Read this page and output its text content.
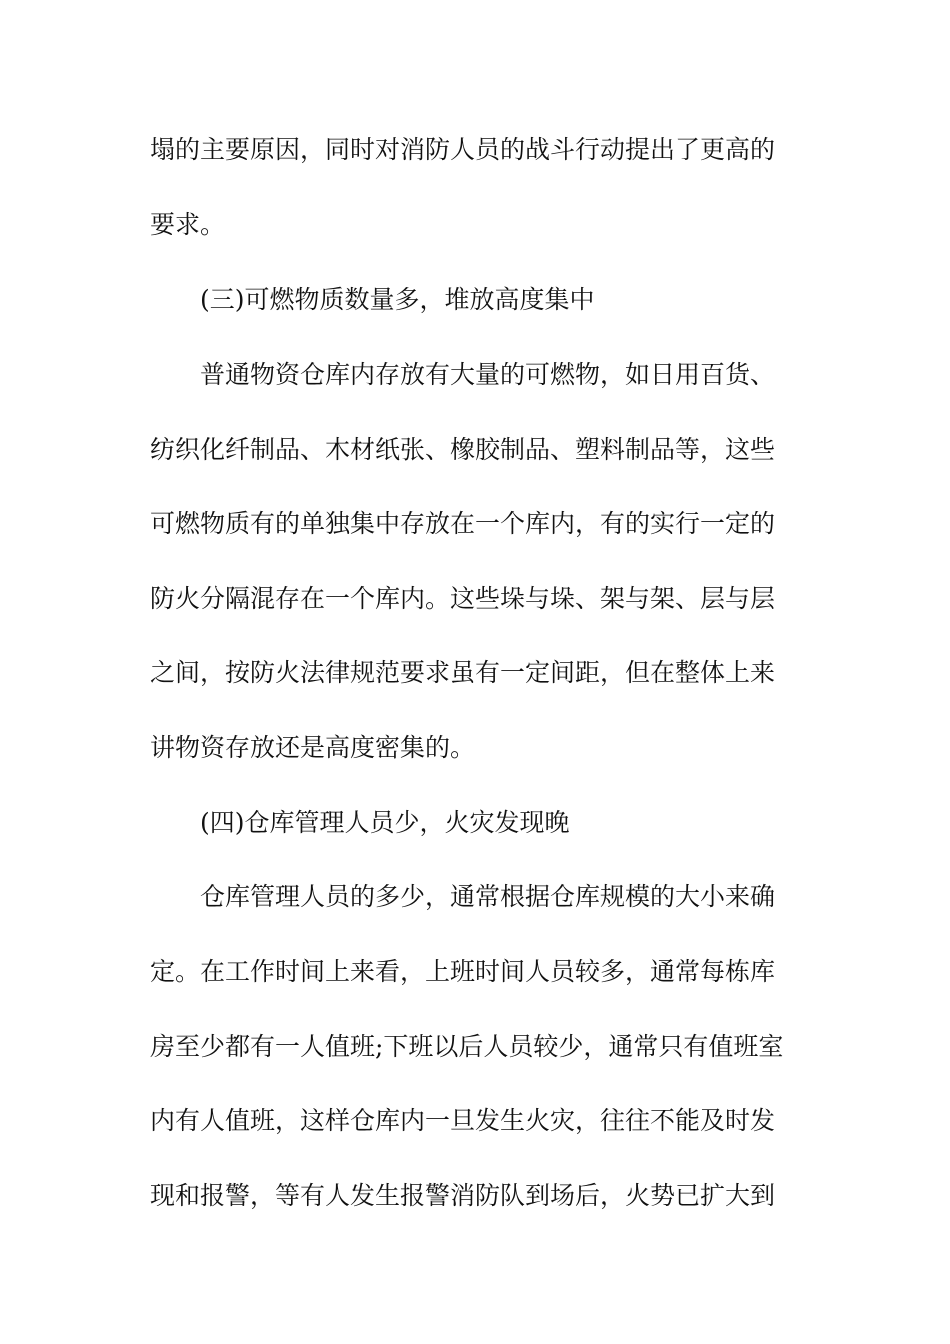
塌的主要原因，同时对消防人员的战斗行动提出了更高的

要求。

(三)可燃物质数量多，堆放高度集中

普通物资仓库内存放有大量的可燃物，如日用百货、

纺织化纤制品、木材纸张、橡胶制品、塑料制品等，这些

可燃物质有的单独集中存放在一个库内，有的实行一定的

防火分隔混存在一个库内。这些垛与垛、架与架、层与层

之间，按防火法律规范要求虽有一定间距，但在整体上来

讲物资存放还是高度密集的。

(四)仓库管理人员少，火灾发现晚

仓库管理人员的多少，通常根据仓库规模的大小来确

定。在工作时间上来看，上班时间人员较多，通常每栋库

房至少都有一人值班;下班以后人员较少，通常只有值班室

内有人值班，这样仓库内一旦发生火灾，往往不能及时发

现和报警，等有人发生报警消防队到场后，火势已扩大到
